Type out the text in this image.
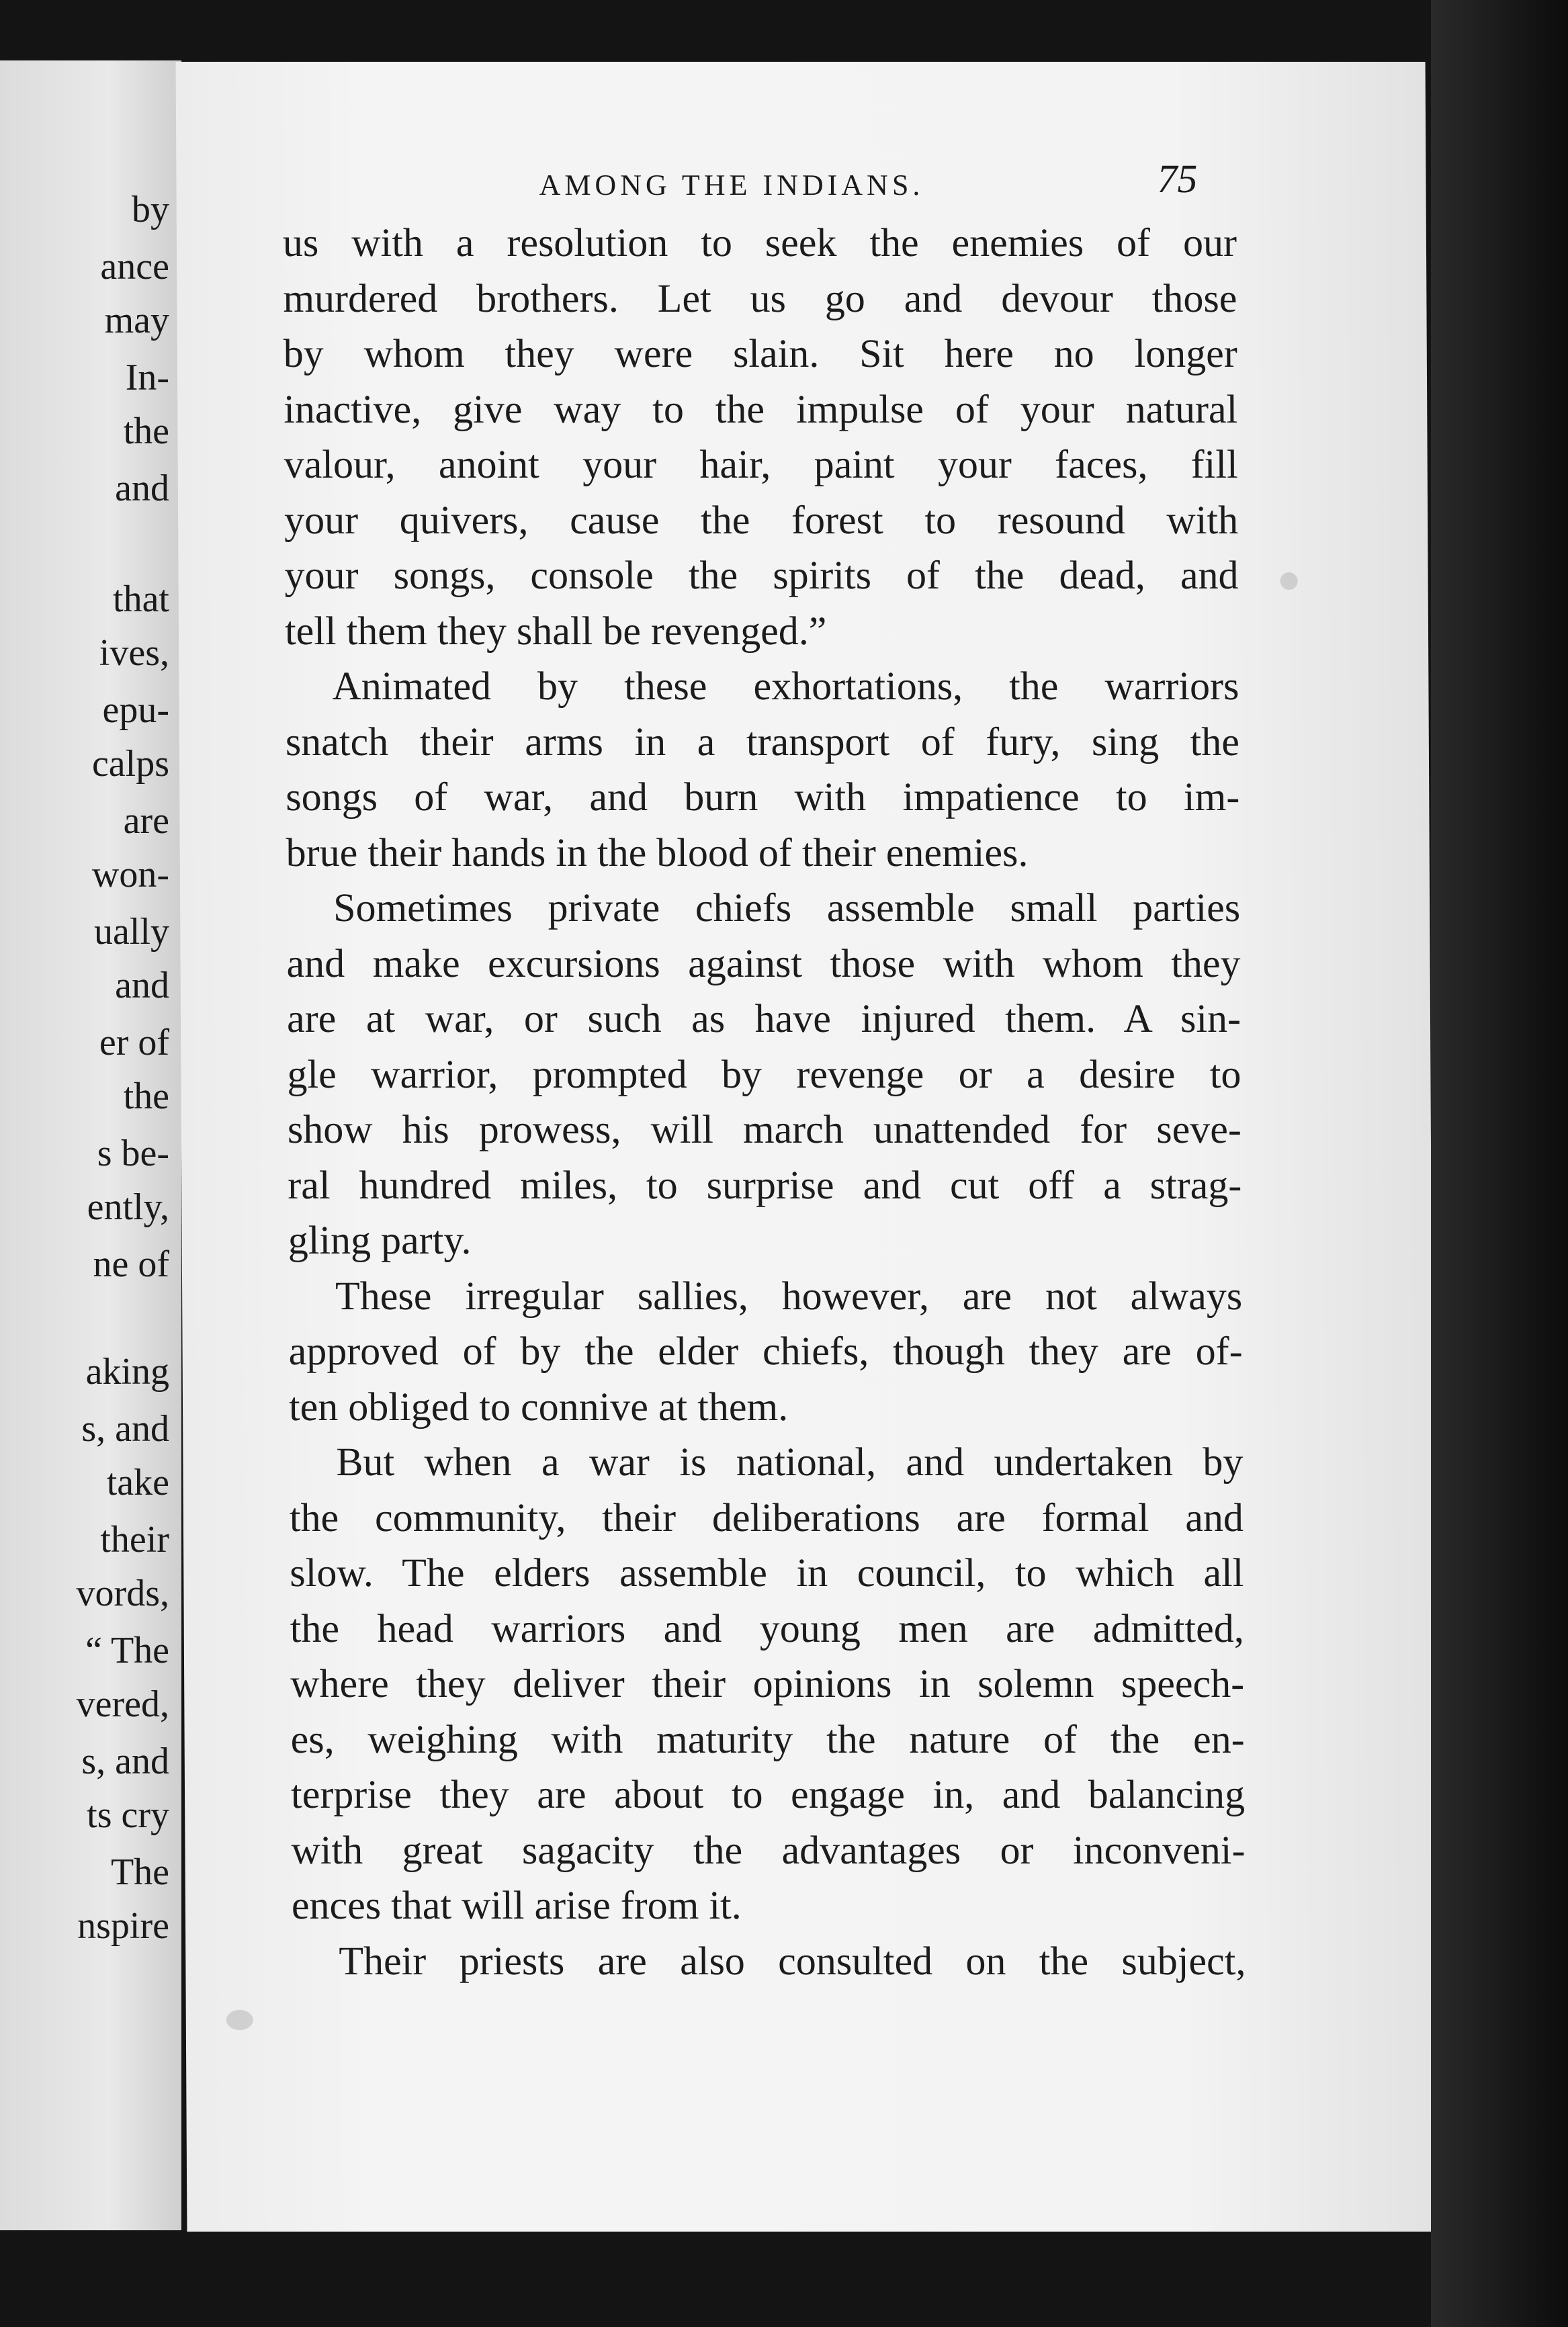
by
ance
may
In-
the
and
that
ives,
epu-
calps
are
won-
ually
and
er of
the
s be-
ently,
ne of
aking
s, and
take
their
vords,
“ The
vered,
s, and
ts cry
The
nspire
AMONG THE INDIANS.	75
us with a resolution to seek the enemies of our
murdered brothers. Let us go and devour those
by whom they were slain. Sit here no longer
inactive, give way to the impulse of your natural
valour, anoint your hair, paint your faces, fill
your quivers, cause the forest to resound with
your songs, console the spirits of the dead, and
tell them they shall be revenged.”
Animated by these exhortations, the warriors
snatch their arms in a transport of fury, sing the
songs of war, and burn with impatience to im-
brue their hands in the blood of their enemies.
Sometimes private chiefs assemble small parties
and make excursions against those with whom they
are at war, or such as have injured them. A sin-
gle warrior, prompted by revenge or a desire to
show his prowess, will march unattended for seve-
ral hundred miles, to surprise and cut off a strag-
gling party.
These irregular sallies, however, are not always
approved of by the elder chiefs, though they are of-
ten obliged to connive at them.
But when a war is national, and undertaken by
the community, their deliberations are formal and
slow. The elders assemble in council, to which all
the head warriors and young men are admitted,
where they deliver their opinions in solemn speech-
es, weighing with maturity the nature of the en-
terprise they are about to engage in, and balancing
with great sagacity the advantages or inconveni-
ences that will arise from it.
Their priests are also consulted on the subject,
